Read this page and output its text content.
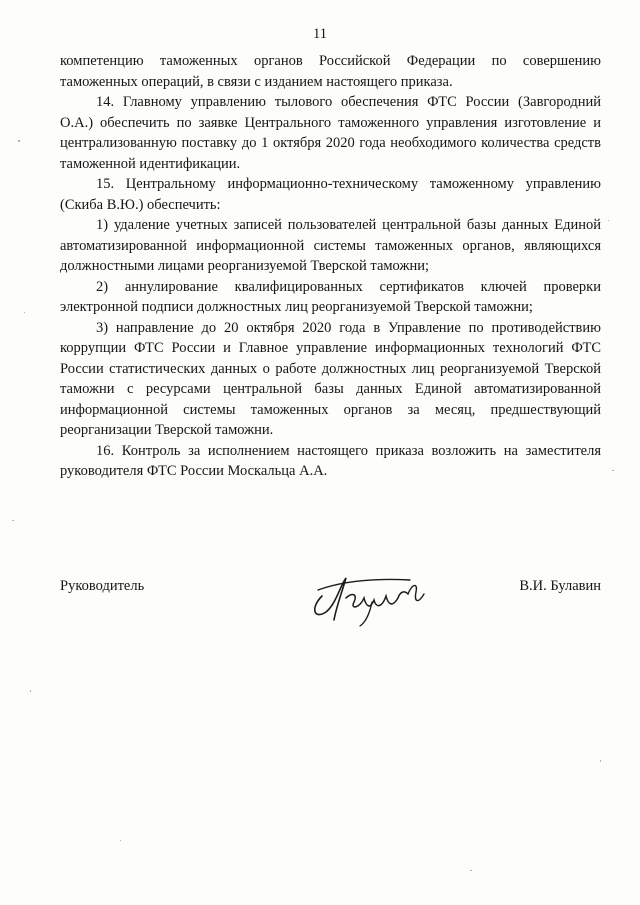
11

компетенцию таможенных органов Российской Федерации по совершению таможенных операций, в связи с изданием настоящего приказа.

14. Главному управлению тылового обеспечения ФТС России (Завгородний О.А.) обеспечить по заявке Центрального таможенного управления изготовление и централизованную поставку до 1 октября 2020 года необходимого количества средств таможенной идентификации.

15. Центральному информационно-техническому таможенному управлению (Скиба В.Ю.) обеспечить:

1) удаление учетных записей пользователей центральной базы данных Единой автоматизированной информационной системы таможенных органов, являющихся должностными лицами реорганизуемой Тверской таможни;

2) аннулирование квалифицированных сертификатов ключей проверки электронной подписи должностных лиц реорганизуемой Тверской таможни;

3) направление до 20 октября 2020 года в Управление по противодействию коррупции ФТС России и Главное управление информационных технологий ФТС России статистических данных о работе должностных лиц реорганизуемой Тверской таможни с ресурсами центральной базы данных Единой автоматизированной информационной системы таможенных органов за месяц, предшествующий реорганизации Тверской таможни.

16. Контроль за исполнением настоящего приказа возложить на заместителя руководителя ФТС России Москальца А.А.

Руководитель	В.И. Булавин
